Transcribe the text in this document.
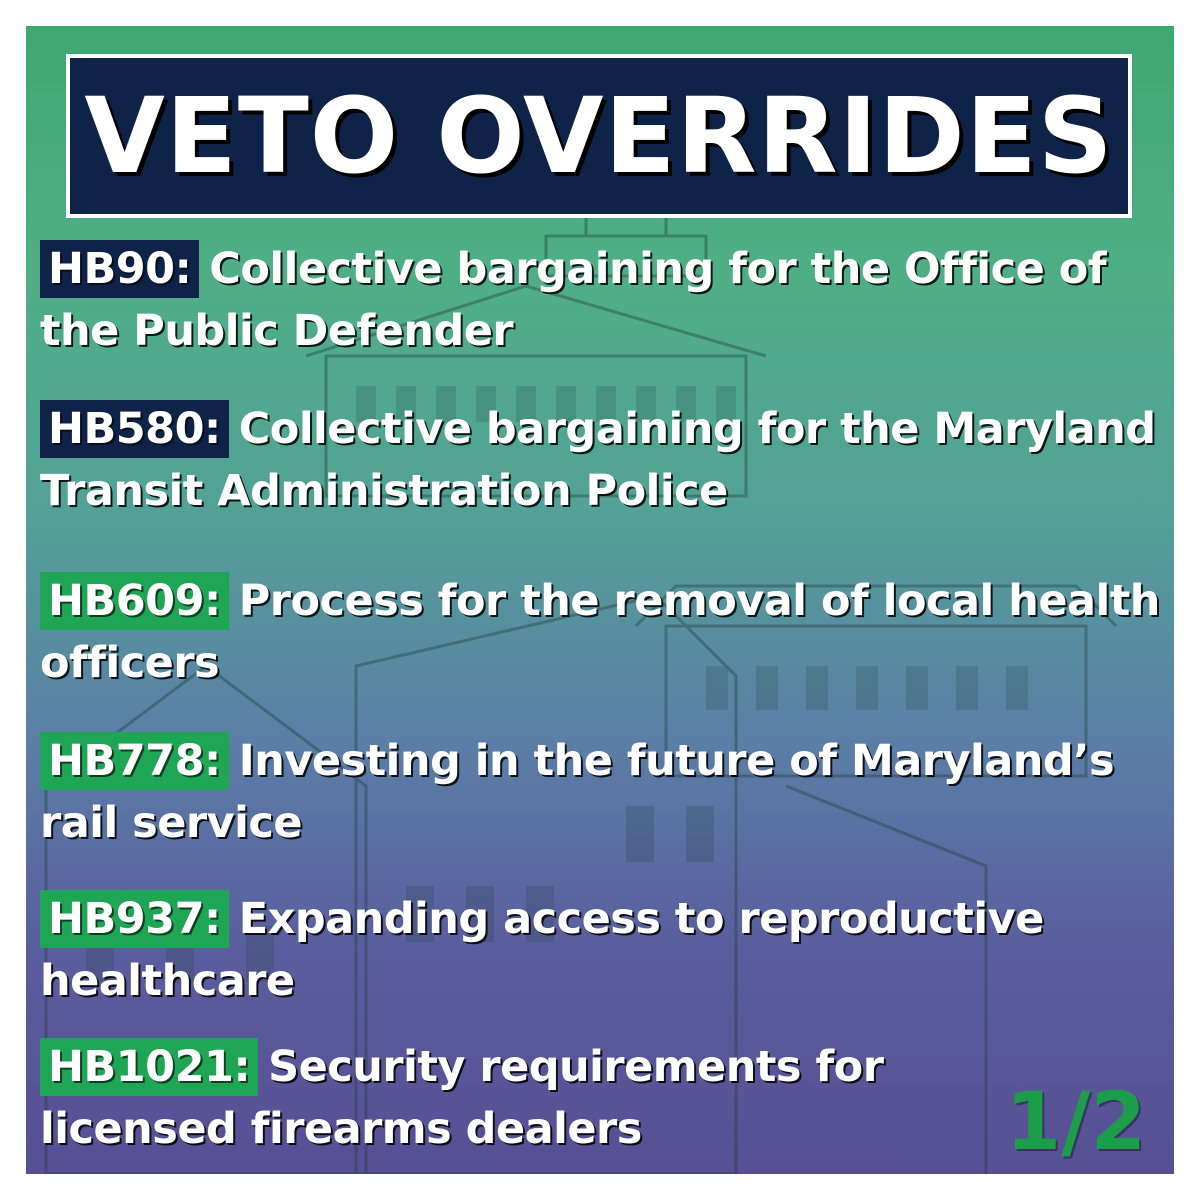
VETO OVERRIDES
HB90: Collective bargaining for the Office of the Public Defender
HB580: Collective bargaining for the Maryland Transit Administration Police
HB609: Process for the removal of local health officers
HB778: Investing in the future of Maryland’s rail service
HB937: Expanding access to reproductive healthcare
HB1021: Security requirements for licensed firearms dealers	1/2
